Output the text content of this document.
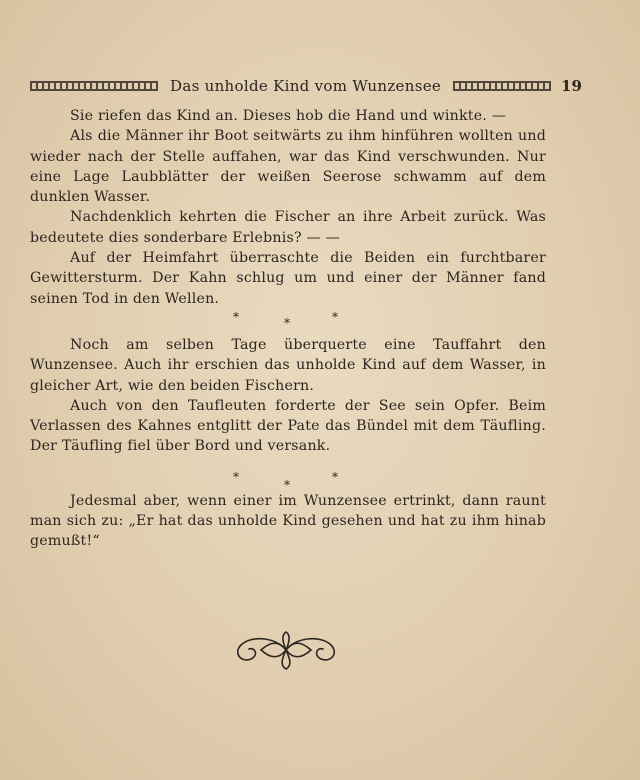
Das unholde Kind vom Wunzensee	19

Sie riefen das Kind an. Dieses hob die Hand und winkte. —

Als die Männer ihr Boot seitwärts zu ihm hinführen wollten und wieder nach der Stelle auffahen, war das Kind verschwunden. Nur eine Lage Laubblätter der weißen Seerose schwamm auf dem dunklen Wasser.

Nachdenklich kehrten die Fischer an ihre Arbeit zurück. Was bedeutete dies sonderbare Erlebnis? — —

Auf der Heimfahrt überraschte die Beiden ein furchtbarer Gewittersturm. Der Kahn schlug um und einer der Männer fand seinen Tod in den Wellen.

*	*	*

Noch am selben Tage überquerte eine Tauffahrt den Wunzensee. Auch ihr erschien das unholde Kind auf dem Wasser, in gleicher Art, wie den beiden Fischern.

Auch von den Taufleuten forderte der See sein Opfer. Beim Verlassen des Kahnes entglitt der Pate das Bündel mit dem Täufling. Der Täufling fiel über Bord und versank.

*
*
*

Jedesmal aber, wenn einer im Wunzensee ertrinkt, dann raunt man sich zu: „Er hat das unholde Kind gesehen und hat zu ihm hinab gemußt!“
